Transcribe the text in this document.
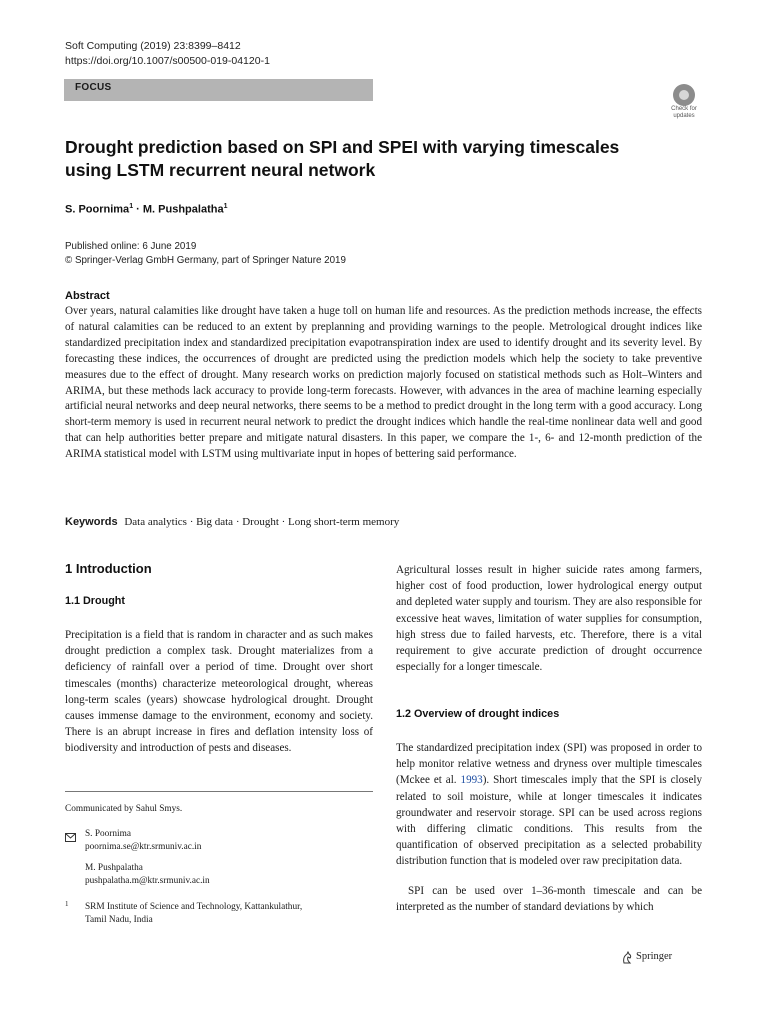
Soft Computing (2019) 23:8399–8412
https://doi.org/10.1007/s00500-019-04120-1
FOCUS
Check for
updates
Drought prediction based on SPI and SPEI with varying timescales
using LSTM recurrent neural network
S. Poornima$^1$ · M. Pushpalatha$^1$
Published online: 6 June 2019
© Springer-Verlag GmbH Germany, part of Springer Nature 2019
Abstract

Over years, natural calamities like drought have taken a huge toll on human life and resources. As the prediction methods increase, the effects of natural calamities can be reduced to an extent by preplanning and providing warnings to the people. Metrological drought indices like standardized precipitation index and standardized precipitation evapotranspiration index are used to identify drought and its severity level. By forecasting these indices, the occurrences of drought are predicted using the prediction models which help the society to take preventive measures due to the effect of drought. Many research works on prediction majorly focused on statistical methods such as Holt–Winters and ARIMA, but these methods lack accuracy to provide long-term forecasts. However, with advances in the area of machine learning especially artificial neural networks and deep neural networks, there seems to be a method to predict drought in the long term with a good accuracy. Long short-term memory is used in recurrent neural network to predict the drought indices which handle the real-time nonlinear data well and good that can help authorities better prepare and mitigate natural disasters. In this paper, we compare the 1-, 6- and 12-month prediction of the ARIMA statistical model with LSTM using multivariate input in hopes of bettering said performance.

Keywords Data analytics · Big data · Drought · Long short-term memory
1 Introduction
1.1 Drought

Precipitation is a field that is random in character and as such makes drought prediction a complex task. Drought materializes from a deficiency of rainfall over a period of time. Drought over short timescales (months) characterize meteorological drought, whereas long-term scales (years) showcase hydrological drought. Drought causes immense damage to the environment, economy and society. There is an abrupt increase in fires and deflation intensity loss of biodiversity and introduction of pests and diseases.

Communicated by Sahul Smys.
S. Poornima
poornima.se@ktr.srmuniv.ac.in
M. Pushpalatha
pushpalatha.m@ktr.srmuniv.ac.in
1 SRM Institute of Science and Technology, Kattankulathur,
Tamil Nadu, India

Agricultural losses result in higher suicide rates among farmers, higher cost of food production, lower hydrological energy output and depleted water supply and tourism. They are also responsible for excessive heat waves, limitation of water supplies for consumption, high stress due to failed harvests, etc. Therefore, there is a vital requirement to give accurate prediction of drought occurrence especially for a longer timescale.

1.2 Overview of drought indices

The standardized precipitation index (SPI) was proposed in order to help monitor relative wetness and dryness over multiple timescales (Mckee et al. 1993). Short timescales imply that the SPI is closely related to soil moisture, while at longer timescales it indicates groundwater and reservoir storage. SPI can be used across regions with differing climatic conditions. This results from the quantification of observed precipitation as a selected probability distribution function that is modeled over raw precipitation data.

SPI can be used over 1–36-month timescale and can be interpreted as the number of standard deviations by which

Springer
